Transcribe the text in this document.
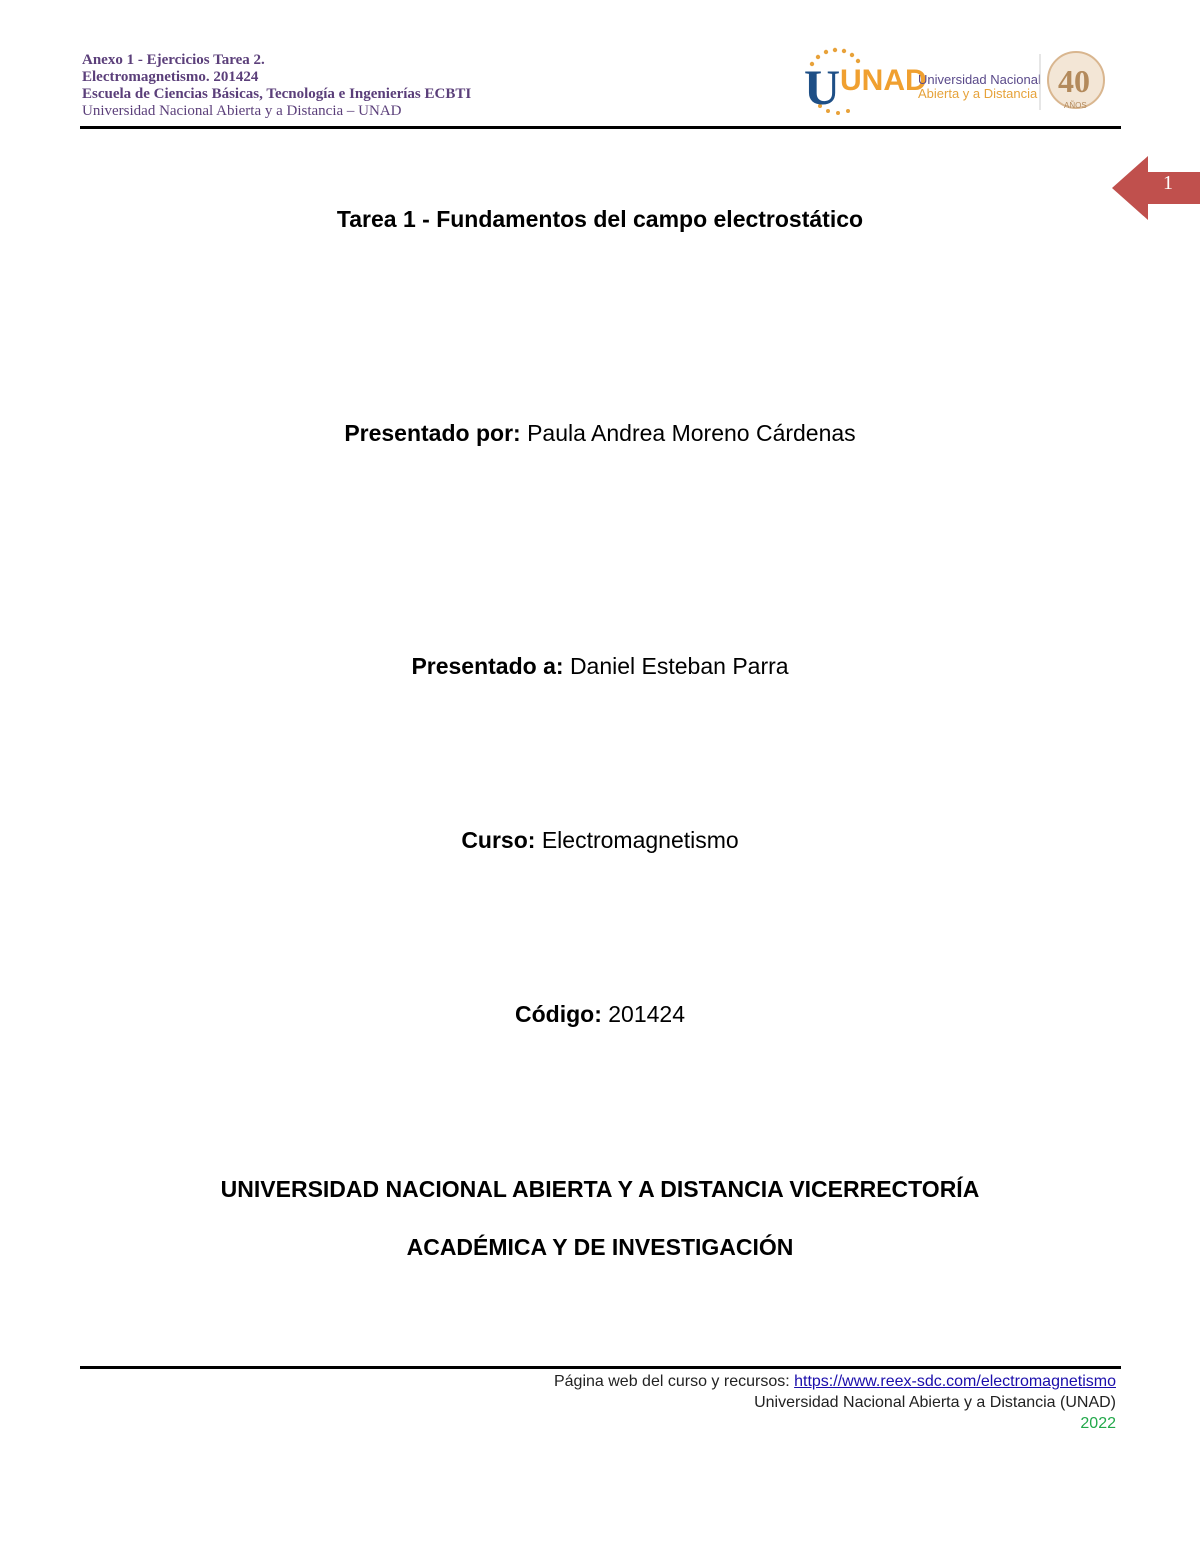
Anexo 1 - Ejercicios Tarea 2.
Electromagnetismo. 201424
Escuela de Ciencias Básicas, Tecnología e Ingenierías ECBTI
Universidad Nacional Abierta y a Distancia – UNAD	U UNAD
Universidad Nacional
Abierta y a Distancia 40
AÑOS
1
Tarea 1 - Fundamentos del campo electrostático
Presentado por: Paula Andrea Moreno Cárdenas
Presentado a: Daniel Esteban Parra
Curso: Electromagnetismo
Código: 201424
UNIVERSIDAD NACIONAL ABIERTA Y A DISTANCIA VICERRECTORÍA
ACADÉMICA Y DE INVESTIGACIÓN
Página web del curso y recursos: https://www.reex-sdc.com/electromagnetismo
Universidad Nacional Abierta y a Distancia (UNAD)
2022
